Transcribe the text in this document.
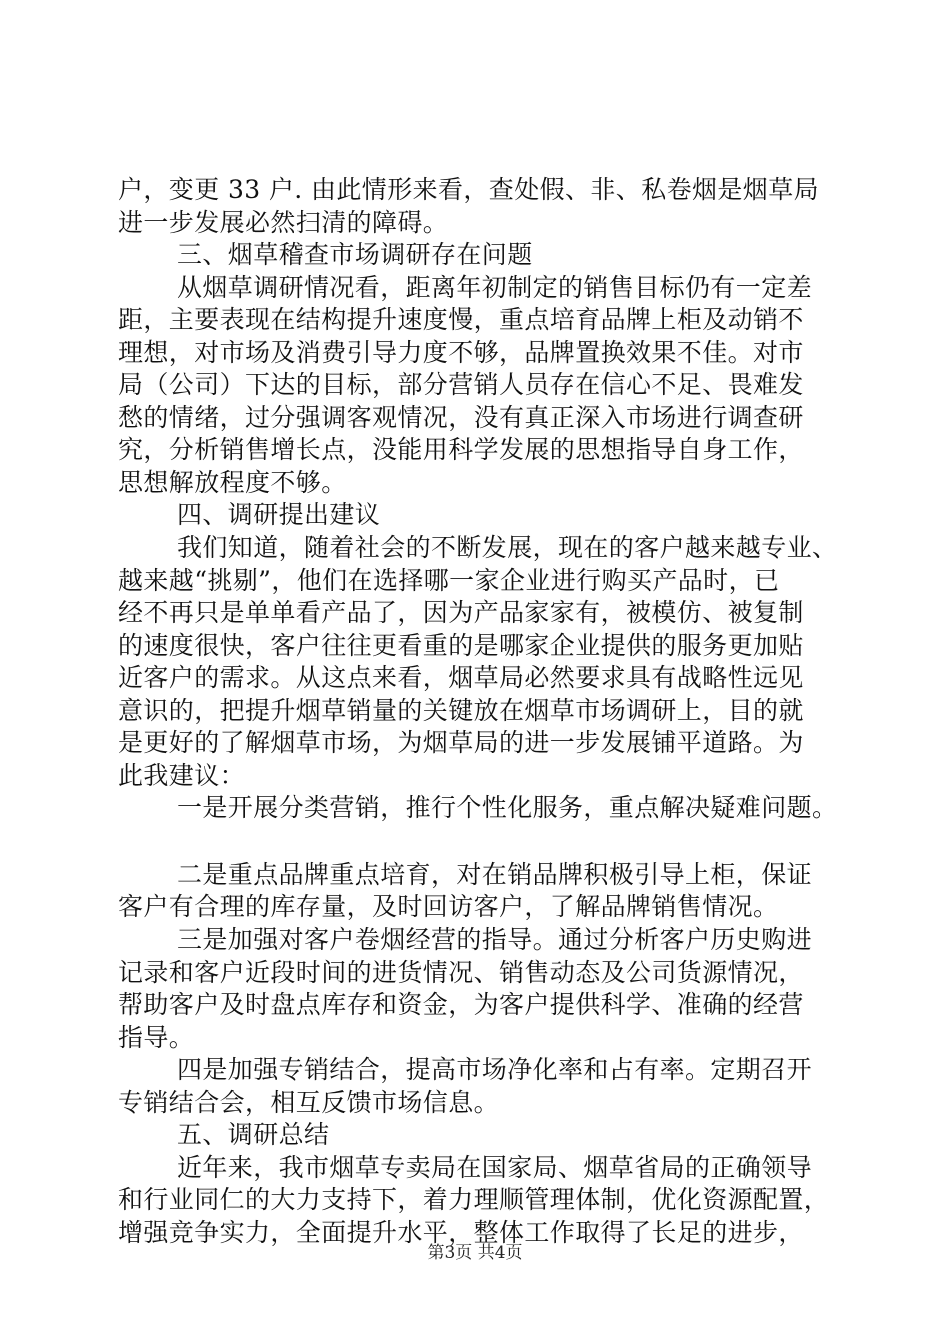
户，变更 33 户. 由此情形来看，查处假、非、私卷烟是烟草局
进一步发展必然扫清的障碍。
三、烟草稽查市场调研存在问题
从烟草调研情况看，距离年初制定的销售目标仍有一定差
距，主要表现在结构提升速度慢，重点培育品牌上柜及动销不
理想，对市场及消费引导力度不够，品牌置换效果不佳。对市
局（公司）下达的目标，部分营销人员存在信心不足、畏难发
愁的情绪，过分强调客观情况，没有真正深入市场进行调查研
究，分析销售增长点，没能用科学发展的思想指导自身工作，
思想解放程度不够。
四、调研提出建议
我们知道，随着社会的不断发展，现在的客户越来越专业、
越来越“挑剔”，他们在选择哪一家企业进行购买产品时，已
经不再只是单单看产品了，因为产品家家有，被模仿、被复制
的速度很快，客户往往更看重的是哪家企业提供的服务更加贴
近客户的需求。从这点来看，烟草局必然要求具有战略性远见
意识的，把提升烟草销量的关键放在烟草市场调研上，目的就
是更好的了解烟草市场，为烟草局的进一步发展铺平道路。为
此我建议：
一是开展分类营销，推行个性化服务，重点解决疑难问题。
二是重点品牌重点培育，对在销品牌积极引导上柜，保证
客户有合理的库存量，及时回访客户，了解品牌销售情况。
三是加强对客户卷烟经营的指导。通过分析客户历史购进
记录和客户近段时间的进货情况、销售动态及公司货源情况，
帮助客户及时盘点库存和资金，为客户提供科学、准确的经营
指导。
四是加强专销结合，提高市场净化率和占有率。定期召开
专销结合会，相互反馈市场信息。
五、调研总结
近年来，我市烟草专卖局在国家局、烟草省局的正确领导
和行业同仁的大力支持下，着力理顺管理体制，优化资源配置，
增强竞争实力，全面提升水平，整体工作取得了长足的进步，
第3页 共4页
